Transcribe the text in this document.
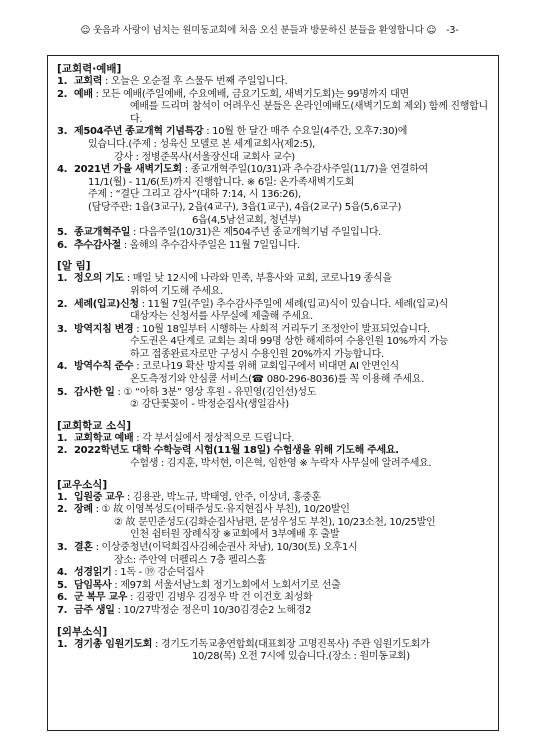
☺ 웃음과 사랑이 넘치는 원미동교회에 처음 오신 분들과 방문하신 분들을 환영합니다 ☺ -3-
[교회력·예배]
1. 교회력 : 오늘은 오순절 후 스물두 번째 주일입니다.
2. 예배 : 모든 예배(주일예배, 수요예배, 금요기도회, 새벽기도회)는 99명까지 대면
예배를 드리며 참석이 어려우신 분들은 온라인예배도(새벽기도회 제외) 함께 진행합니다.
3. 제504주년 종교개혁 기념특강 : 10월 한 달간 매주 수요일(4주간, 오후7:30)에
있습니다.(주제 : 성육신 모델로 본 세계교회사(제2:5),
강사 : 정병준목사(서울장신대 교회사 교수)
4. 2021년 가을 새벽기도회 : 종교개혁주일(10/31)과 추수감사주일(11/7)을 연결하여
11/1(월) - 11/6(토)까지 진행합니다. ※ 6일: 온가족새벽기도회
주제 : “결단 그리고 감사”(대하 7:14, 시 136:26),
(담당주관: 1읍(3교구), 2읍(4교구), 3읍(1교구), 4읍(2교구) 5읍(5,6교구)
6읍(4,5남선교회, 청년부)
5. 종교개혁주일 : 다음주일(10/31)은 제504주년 종교개혁기념 주일입니다.
6. 추수감사절 : 올해의 추수감사주일은 11월 7일입니다.
[알 림]
1. 정오의 기도 : 매일 낮 12시에 나라와 민족, 부흥사와 교회, 코로나19 종식을
위하여 기도해 주세요.
2. 세례(입교)신청 : 11월 7일(주일) 추수감사주일에 세례(입교)식이 있습니다. 세례(입교)식
대상자는 신청서를 사무실에 제출해 주세요.
3. 방역지침 변경 : 10월 18일부터 시행하는 사회적 거리두기 조정안이 발표되었습니다.
수도권은 4단계로 교회는 최대 99명 상한 해제하여 수용인원 10%까지 가능
하고 접종완료자로만 구성시 수용인원 20%까지 가능합니다.
4. 방역수칙 준수 : 코로나19 확산 방지를 위해 교회입구에서 비대면 AI 안면인식
온도측정기와 안심콜 서비스(☎ 080-296-8036)를 꼭 이용해 주세요.
5. 감사한 일 : ① “아하 3분” 영상 후원 - 유민영(김인선)성도
② 강단꽃꽂이 - 박정순집사(생일감사)
[교회학교 소식]
1. 교회학교 예배 : 각 부서실에서 정상적으로 드립니다.
2. 2022학년도 대학 수학능력 시험(11월 18일) 수험생을 위해 기도해 주세요.
수험생 : 김지훈, 박서현, 이은혁, 임한영 ※ 누락자 사무실에 알려주세요.
[교우소식]
1. 입원중 교우 : 김용관, 박노규, 박태영, 안주, 이상녀, 홍중훈
2. 장례 : ① 故 이영복성도(이태주성도·유지현집사 부친), 10/20발인
② 故 문민준성도(김화순집사남편, 문성우성도 부친), 10/23소천, 10/25발인
인천 쉼터원 장례식장 ※교회에서 3부예배 후 출발
3. 결혼 : 이상중청년(이덕희집사김혜순권사 차남), 10/30(토) 오후1시
장소: 주안역 더펠리스 7층 펠리스홀
4. 성경읽기 : 1독 - ⑲ 강순덕집사
5. 담임목사 : 제97회 서울서남노회 정기노회에서 노회서기로 선출
6. 군 복무 교우 : 김광민 김병우 김정우 박 건 이건호 최성화
7. 금주 생일 : 10/27박정순 정은미 10/30김경순2 노해경2
[외부소식]
1. 경기총 임원기도회 : 경기도기독교총연합회(대표회장 고명진목사) 주관 임원기도회가
10/28(목) 오전 7시에 있습니다.(장소 : 원미동교회)
